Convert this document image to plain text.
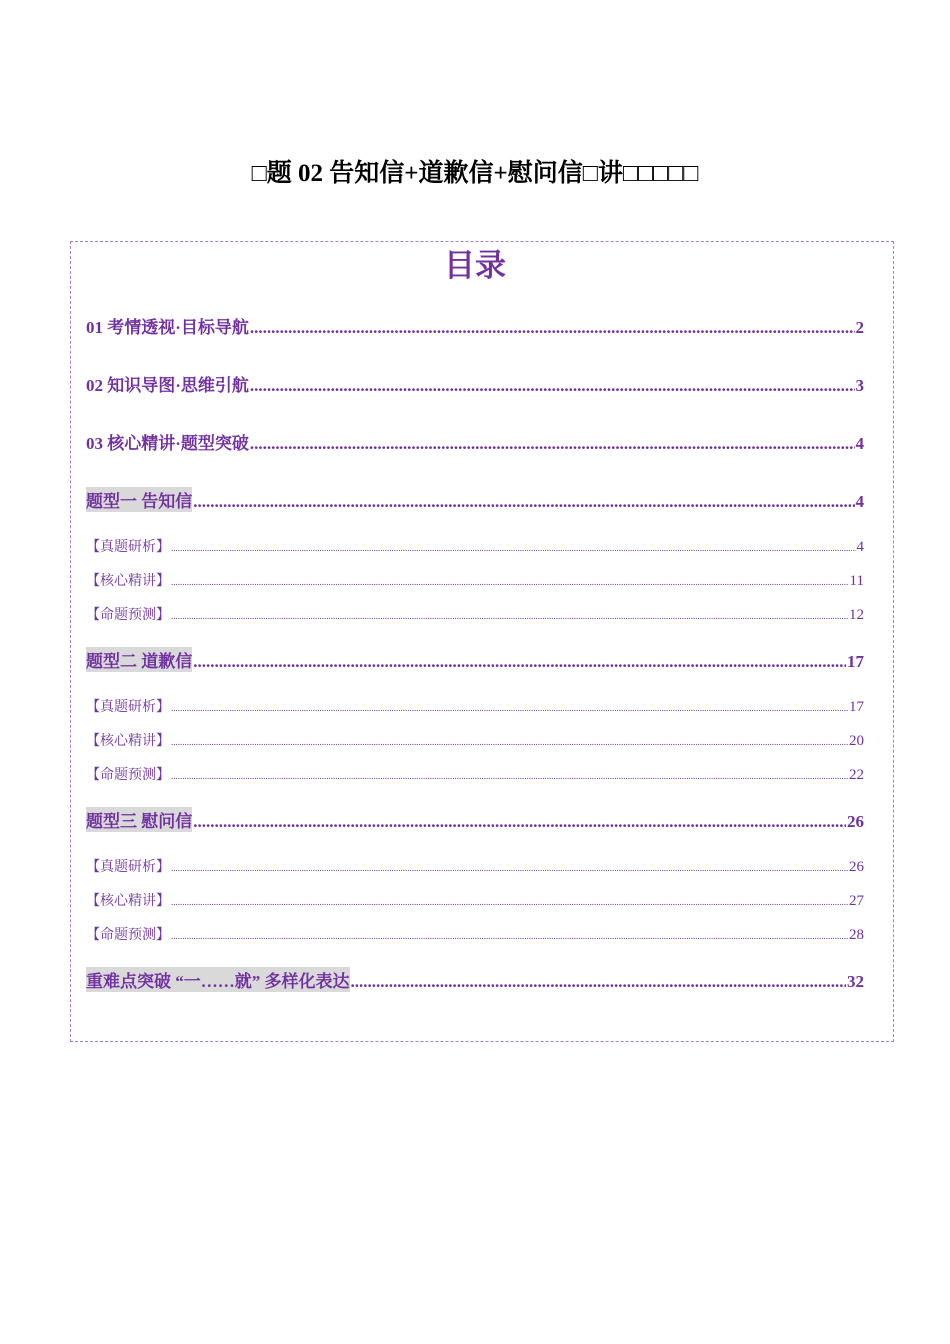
□题 02 告知信+道歉信+慰问信□讲□□□□□
目录
01 考情透视·目标导航 .....	2
02 知识导图·思维引航 .....	3
03 核心精讲·题型突破 .....	4
题型一 告知信 .....	4
【真题研析】 .....	4
【核心精讲】 .....	11
【命题预测】 .....	12
题型二 道歉信 .....	17
【真题研析】 .....	17
【核心精讲】 .....	20
【命题预测】 .....	22
题型三 慰问信 .....	26
【真题研析】 .....	26
【核心精讲】 .....	27
【命题预测】 .....	28
重难点突破 “一……就” 多样化表达 .....	32
